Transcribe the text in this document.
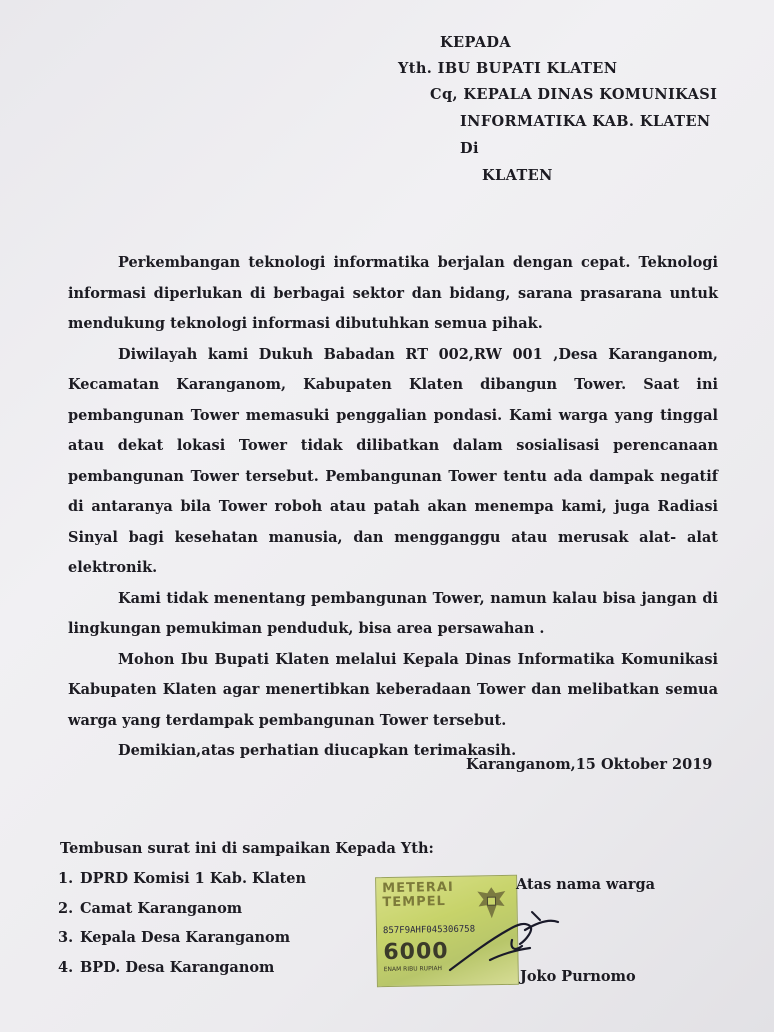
KEPADA
Yth. IBU BUPATI KLATEN
Cq, KEPALA DINAS KOMUNIKASI
INFORMATIKA KAB. KLATEN
Di
KLATEN

Perkembangan teknologi informatika berjalan dengan cepat. Teknologi informasi diperlukan di berbagai sektor dan bidang, sarana prasarana untuk mendukung teknologi informasi dibutuhkan semua pihak.

Diwilayah kami Dukuh Babadan RT 002,RW 001 ,Desa Karanganom, Kecamatan Karanganom, Kabupaten Klaten dibangun Tower. Saat ini pembangunan Tower memasuki penggalian pondasi. Kami warga yang tinggal atau dekat lokasi Tower tidak dilibatkan dalam sosialisasi perencanaan pembangunan Tower tersebut. Pembangunan Tower tentu ada dampak negatif di antaranya bila Tower roboh atau patah akan menempa kami, juga Radiasi Sinyal bagi kesehatan manusia, dan mengganggu atau merusak alat- alat elektronik.

Kami tidak menentang pembangunan Tower, namun kalau bisa jangan di lingkungan pemukiman penduduk, bisa area persawahan .

Mohon Ibu Bupati Klaten melalui Kepala Dinas Informatika Komunikasi Kabupaten Klaten agar menertibkan keberadaan Tower dan melibatkan semua warga yang terdampak pembangunan Tower tersebut.

Demikian,atas perhatian diucapkan terimakasih.

Karanganom,15 Oktober 2019
Tembusan surat ini di sampaikan Kepada Yth:
1. DPRD Komisi 1 Kab. Klaten
2. Camat Karanganom
3. Kepala Desa Karanganom
4. BPD. Desa Karanganom
METERAI
TEMPEL
857F9AHF045306758
6000
ENAM RIBU RUPIAH
Atas nama warga
Joko Purnomo
